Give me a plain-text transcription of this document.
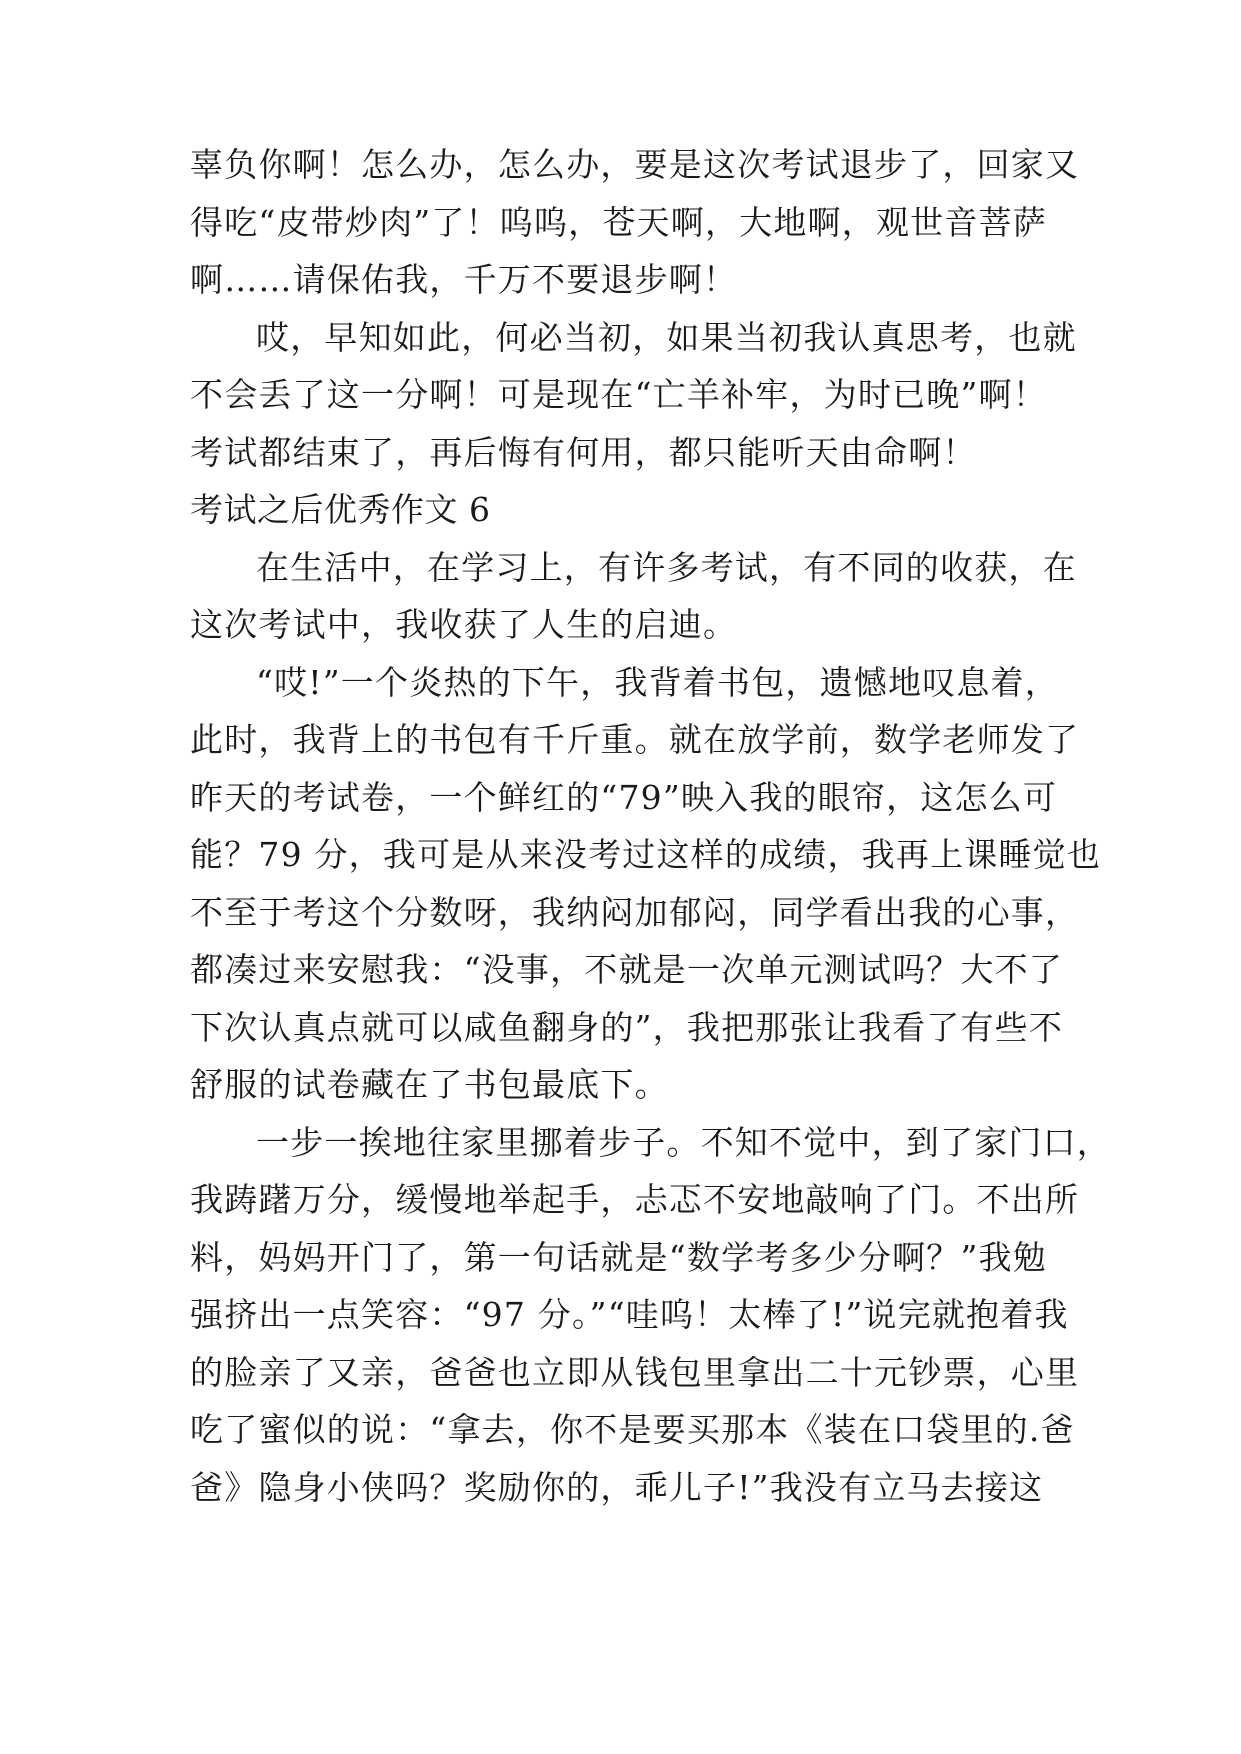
辜负你啊！怎么办，怎么办，要是这次考试退步了，回家又
得吃“皮带炒肉”了！呜呜，苍天啊，大地啊，观世音菩萨
啊……请保佑我，千万不要退步啊！
哎，早知如此，何必当初，如果当初我认真思考，也就
不会丢了这一分啊！可是现在“亡羊补牢，为时已晚”啊！
考试都结束了，再后悔有何用，都只能听天由命啊！
考试之后优秀作文 6
在生活中，在学习上，有许多考试，有不同的收获，在
这次考试中，我收获了人生的启迪。
“哎!”一个炎热的下午，我背着书包，遗憾地叹息着，
此时，我背上的书包有千斤重。就在放学前，数学老师发了
昨天的考试卷，一个鲜红的“79”映入我的眼帘，这怎么可
能？79 分，我可是从来没考过这样的成绩，我再上课睡觉也
不至于考这个分数呀，我纳闷加郁闷，同学看出我的心事，
都凑过来安慰我：“没事，不就是一次单元测试吗？大不了
下次认真点就可以咸鱼翻身的”，我把那张让我看了有些不
舒服的试卷藏在了书包最底下。
一步一挨地往家里挪着步子。不知不觉中，到了家门口，
我踌躇万分，缓慢地举起手，忐忑不安地敲响了门。不出所
料，妈妈开门了，第一句话就是“数学考多少分啊？”我勉
强挤出一点笑容：“97 分。”“哇呜！太棒了!”说完就抱着我
的脸亲了又亲，爸爸也立即从钱包里拿出二十元钞票，心里
吃了蜜似的说：“拿去，你不是要买那本《装在口袋里的.爸
爸》隐身小侠吗？奖励你的，乖儿子!”我没有立马去接这
